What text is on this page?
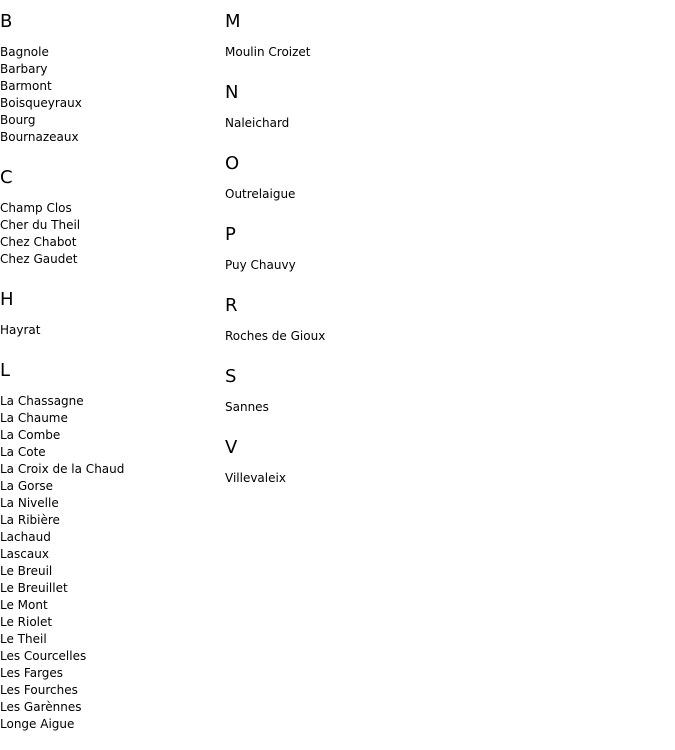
B
Bagnole
Barbary
Barmont
Boisqueyraux
Bourg
Bournazeaux
C
Champ Clos
Cher du Theil
Chez Chabot
Chez Gaudet
H
Hayrat
L
La Chassagne
La Chaume
La Combe
La Cote
La Croix de la Chaud
La Gorse
La Nivelle
La Ribière
Lachaud
Lascaux
Le Breuil
Le Breuillet
Le Mont
Le Riolet
Le Theil
Les Courcelles
Les Farges
Les Fourches
Les Garènnes
Longe Aigue
M
Moulin Croizet
N
Naleichard
O
Outrelaigue
P
Puy Chauvy
R
Roches de Gioux
S
Sannes
V
Villevaleix
